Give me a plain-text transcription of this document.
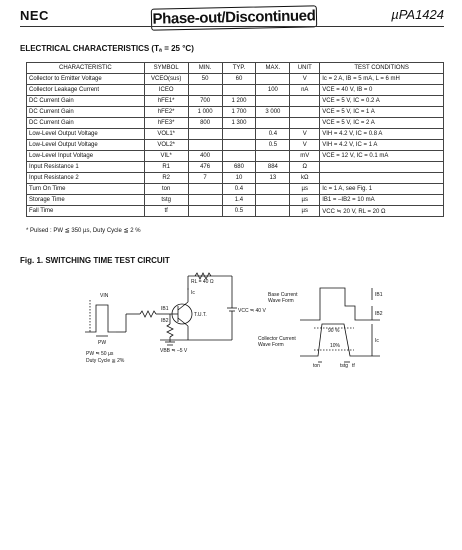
NEC	Phase-out/Discontinued	µPA1424
ELECTRICAL CHARACTERISTICS (Tₐ = 25 °C)
CHARACTERISTIC	SYMBOL	MIN.	TYP.	MAX.	UNIT	TEST CONDITIONS
Collector to Emitter Voltage	VCEO(sus)	50	60		V	Ic = 2 A, IB = 5 mA, L = 6 mH
Collector Leakage Current	ICEO			100	nA	VCE = 40 V, IB = 0
DC Current Gain	hFE1*	700	1 200			VCE = 5 V, IC = 0.2 A
DC Current Gain	hFE2*	1 000	1 700	3 000		VCE = 5 V, IC = 1 A
DC Current Gain	hFE3*	800	1 300			VCE = 5 V, IC = 2 A
Low-Level Output Voltage	VOL1*			0.4	V	VIH = 4.2 V, IC = 0.8 A
Low-Level Output Voltage	VOL2*			0.5	V	VIH = 4.2 V, IC = 1 A
Low-Level Input Voltage	VIL*	400			mV	VCE = 12 V, IC = 0.1 mA
Input Resistance 1	R1	476	680	884	Ω	
Input Resistance 2	R2	7	10	13	kΩ	
Turn On Time	ton		0.4		µs	Ic = 1 A, see Fig. 1
Storage Time	tstg		1.4		µs	IB1 = –IB2 = 10 mA
Fall Time	tf		0.5		µs	VCC ≒ 20 V, RL = 20 Ω
* Pulsed : PW ≦ 350 µs, Duty Cycle ≦ 2 %
Fig. 1. SWITCHING TIME TEST CIRCUIT
VIN
PW
PW ≒ 50 µs
Duty Cycle ≦ 2%
RL = 40 Ω
Ic
IB1
IB2
T.U.T.
VCC ≒ 40 V
VBB ≒ –5 V
Base Current
Wave Form
Collector Current
Wave Form
90 %
10%
ton	tstg tf
IB1
IB2
Ic
